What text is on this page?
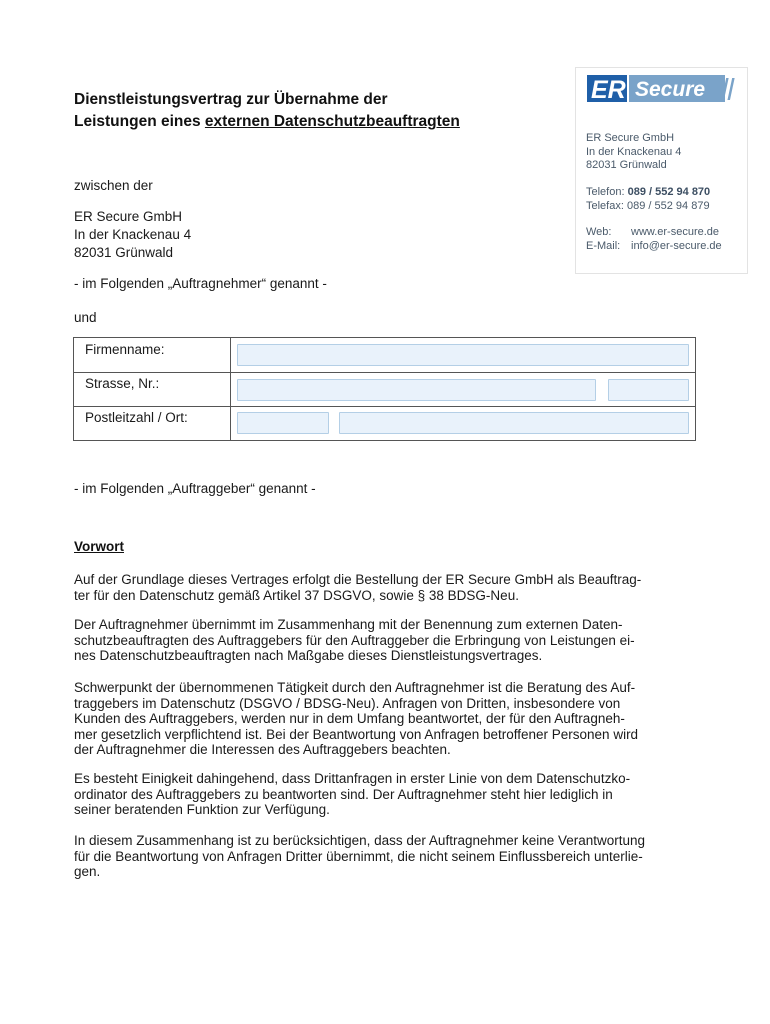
Dienstleistungsvertrag zur Übernahme der
Leistungen eines externen Datenschutzbeauftragten
ER Secure
ER Secure GmbH
In der Knackenau 4
82031 Grünwald
Telefon: 089 / 552 94 870
Telefax: 089 / 552 94 879
Web: www.er-secure.de
E-Mail: info@er-secure.de
zwischen der
ER Secure GmbH
In der Knackenau 4
82031 Grünwald
- im Folgenden „Auftragnehmer“ genannt -
und
Firmenname:
Strasse, Nr.:
Postleitzahl / Ort:
- im Folgenden „Auftraggeber“ genannt -
Vorwort
Auf der Grundlage dieses Vertrages erfolgt die Bestellung der ER Secure GmbH als Beauftrag-
ter für den Datenschutz gemäß Artikel 37 DSGVO, sowie § 38 BDSG-Neu.
Der Auftragnehmer übernimmt im Zusammenhang mit der Benennung zum externen Daten-
schutzbeauftragten des Auftraggebers für den Auftraggeber die Erbringung von Leistungen ei-
nes Datenschutzbeauftragten nach Maßgabe dieses Dienstleistungsvertrages.
Schwerpunkt der übernommenen Tätigkeit durch den Auftragnehmer ist die Beratung des Auf-
traggebers im Datenschutz (DSGVO / BDSG-Neu). Anfragen von Dritten, insbesondere von
Kunden des Auftraggebers, werden nur in dem Umfang beantwortet, der für den Auftragneh-
mer gesetzlich verpflichtend ist. Bei der Beantwortung von Anfragen betroffener Personen wird
der Auftragnehmer die Interessen des Auftraggebers beachten.
Es besteht Einigkeit dahingehend, dass Drittanfragen in erster Linie von dem Datenschutzko-
ordinator des Auftraggebers zu beantworten sind. Der Auftragnehmer steht hier lediglich in
seiner beratenden Funktion zur Verfügung.
In diesem Zusammenhang ist zu berücksichtigen, dass der Auftragnehmer keine Verantwortung
für die Beantwortung von Anfragen Dritter übernimmt, die nicht seinem Einflussbereich unterlie-
gen.
